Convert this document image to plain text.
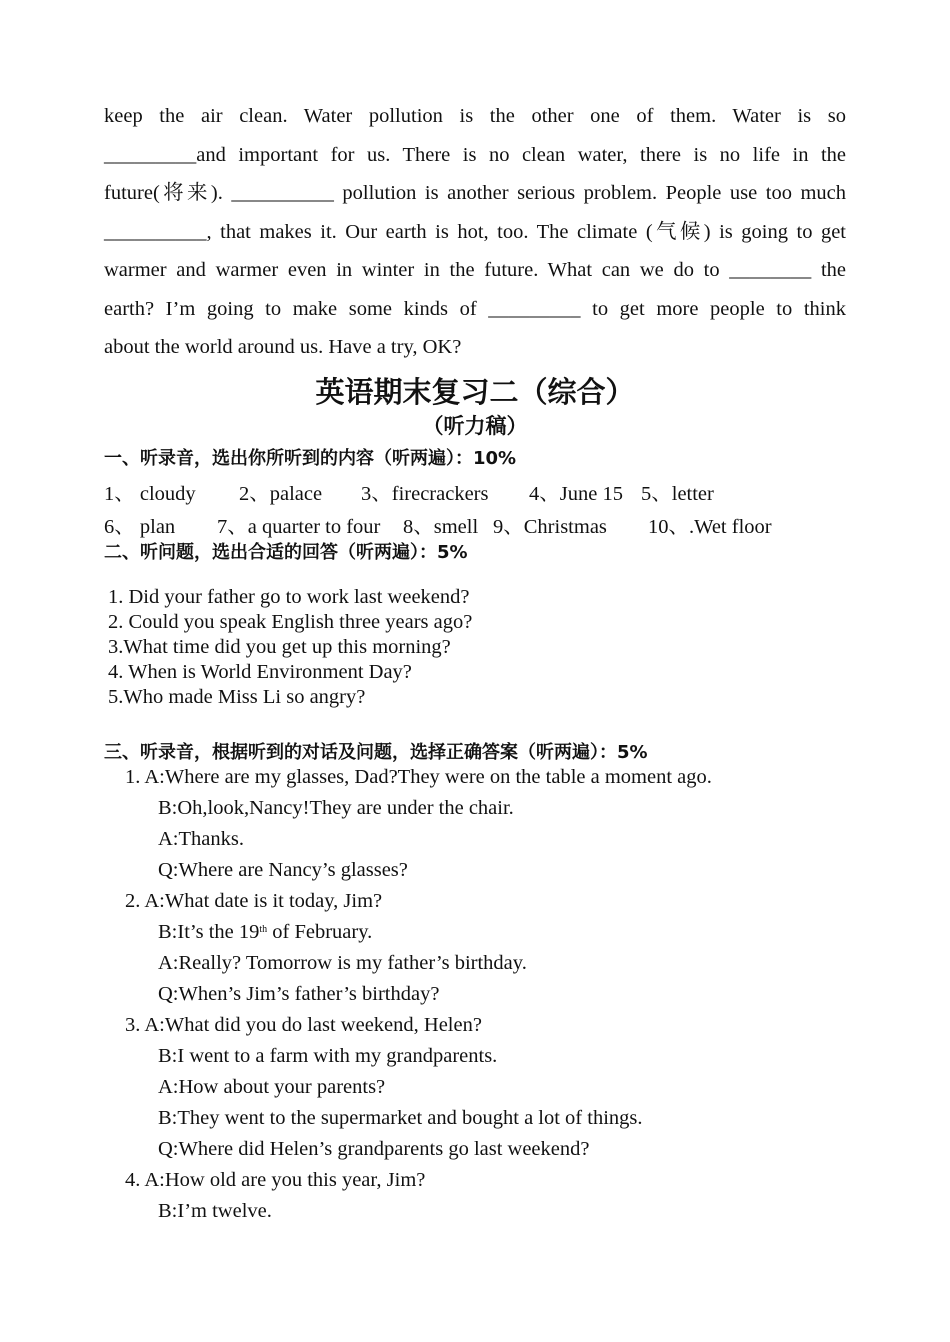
keep the air clean. Water pollution is the other one of them. Water is so
_________and important for us. There is no clean water, there is no life in the
future(将来). __________ pollution is another serious problem. People use too much
__________, that makes it. Our earth is hot, too. The climate (气候) is going to get
warmer and warmer even in winter in the future. What can we do to ________ the
earth? I’m going to make some kinds of _________ to get more people to think
about the world around us. Have a try, OK?
英语期末复习二（综合）
（听力稿）
一、听录音，选出你所听到的内容（听两遍）：10%
1、 cloudy 2、palace 3、firecrackers 4、June 15 5、letter
6、 plan 7、a quarter to four 8、smell 9、Christmas 10、.Wet floor
二、听问题，选出合适的回答（听两遍）：5%
1. Did your father go to work last weekend?
2. Could you speak English three years ago?
3.What time did you get up this morning?
4. When is World Environment Day?
5.Who made Miss Li so angry?
三、听录音，根据听到的对话及问题，选择正确答案（听两遍）：5%
1. A:Where are my glasses, Dad?They were on the table a moment ago.
B:Oh,look,Nancy!They are under the chair.
A:Thanks.
Q:Where are Nancy’s glasses?
2. A:What date is it today, Jim?
B:It’s the 19th of February.
A:Really? Tomorrow is my father’s birthday.
Q:When’s Jim’s father’s birthday?
3. A:What did you do last weekend, Helen?
B:I went to a farm with my grandparents.
A:How about your parents?
B:They went to the supermarket and bought a lot of things.
Q:Where did Helen’s grandparents go last weekend?
4. A:How old are you this year, Jim?
B:I’m twelve.
